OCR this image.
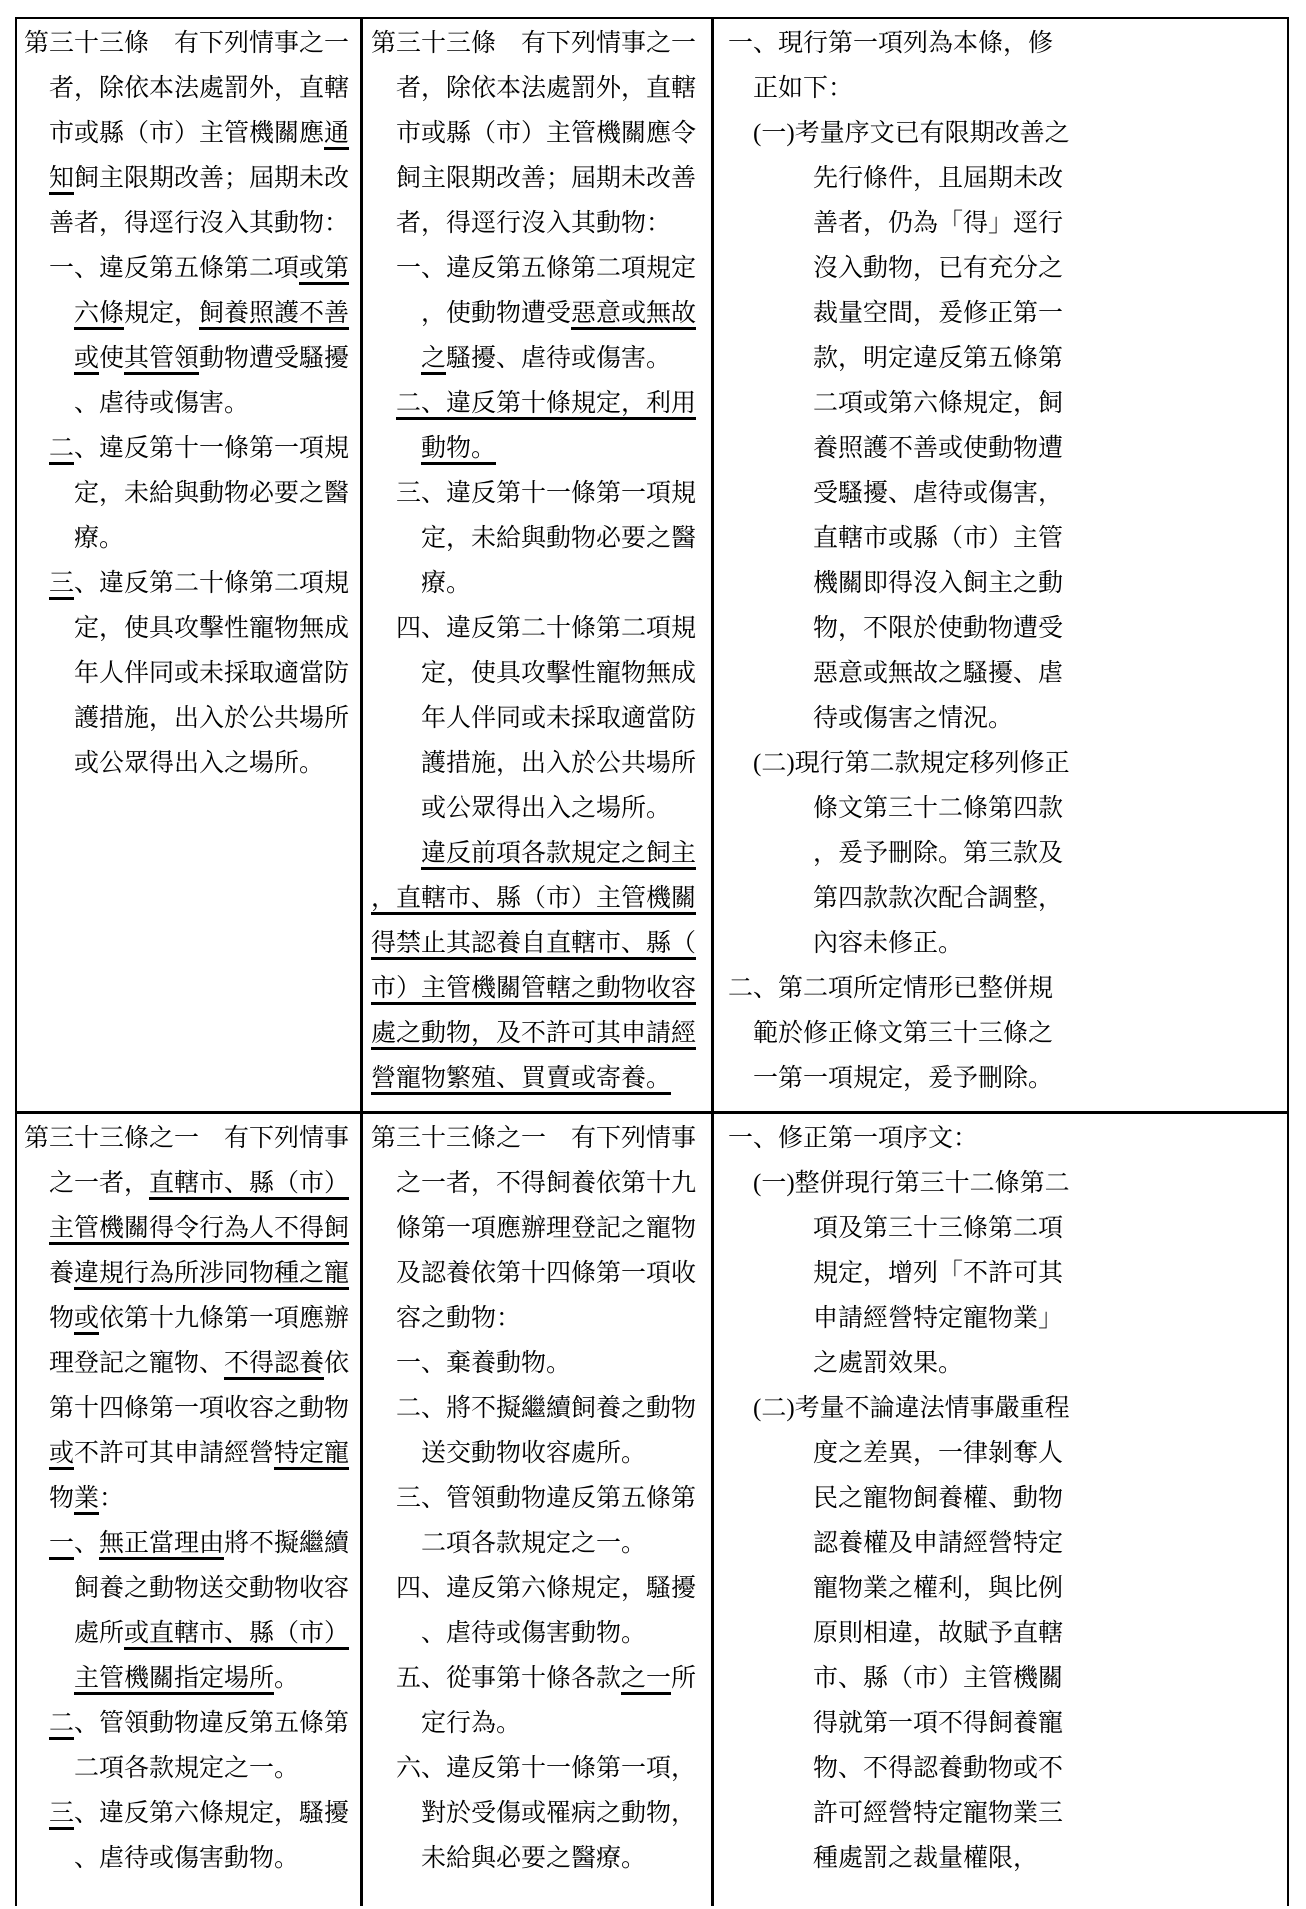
第三十三條　有下列情事之一者，除依本法處罰外，直轄市或縣（市）主管機關應通知飼主限期改善；屆期未改善者，得逕行沒入其動物：

一、違反第五條第二項或第六條規定，飼養照護不善或使其管領動物遭受騷擾、虐待或傷害。

二、違反第十一條第一項規定，未給與動物必要之醫療。

三、違反第二十條第二項規定，使具攻擊性寵物無成年人伴同或未採取適當防護措施，出入於公共場所或公眾得出入之場所。

第三十三條　有下列情事之一者，除依本法處罰外，直轄市或縣（市）主管機關應令飼主限期改善；屆期未改善者，得逕行沒入其動物：

一、違反第五條第二項規定，使動物遭受惡意或無故之騷擾、虐待或傷害。

二、違反第十條規定，利用動物。

三、違反第十一條第一項規定，未給與動物必要之醫療。

四、違反第二十條第二項規定，使具攻擊性寵物無成年人伴同或未採取適當防護措施，出入於公共場所或公眾得出入之場所。

違反前項各款規定之飼主，直轄市、縣（市）主管機關得禁止其認養自直轄市、縣（市）主管機關管轄之動物收容處之動物，及不許可其申請經營寵物繁殖、買賣或寄養。

一、現行第一項列為本條，修正如下：

(一)考量序文已有限期改善之先行條件，且屆期未改善者，仍為「得」逕行沒入動物，已有充分之裁量空間，爰修正第一款，明定違反第五條第二項或第六條規定，飼養照護不善或使動物遭受騷擾、虐待或傷害，直轄市或縣（市）主管機關即得沒入飼主之動物，不限於使動物遭受惡意或無故之騷擾、虐待或傷害之情況。

(二)現行第二款規定移列修正條文第三十二條第四款，爰予刪除。第三款及第四款款次配合調整，內容未修正。

二、第二項所定情形已整併規範於修正條文第三十三條之一第一項規定，爰予刪除。

第三十三條之一　有下列情事之一者，直轄市、縣（市）主管機關得令行為人不得飼養違規行為所涉同物種之寵物或依第十九條第一項應辦理登記之寵物、不得認養依第十四條第一項收容之動物或不許可其申請經營特定寵物業：

一、無正當理由將不擬繼續飼養之動物送交動物收容處所或直轄市、縣（市）主管機關指定場所。

二、管領動物違反第五條第二項各款規定之一。

三、違反第六條規定，騷擾、虐待或傷害動物。

第三十三條之一　有下列情事之一者，不得飼養依第十九條第一項應辦理登記之寵物及認養依第十四條第一項收容之動物：

一、棄養動物。

二、將不擬繼續飼養之動物送交動物收容處所。

三、管領動物違反第五條第二項各款規定之一。

四、違反第六條規定，騷擾、虐待或傷害動物。

五、從事第十條各款之一所定行為。

六、違反第十一條第一項，對於受傷或罹病之動物，未給與必要之醫療。

一、修正第一項序文：

(一)整併現行第三十二條第二項及第三十三條第二項規定，增列「不許可其申請經營特定寵物業」之處罰效果。

(二)考量不論違法情事嚴重程度之差異，一律剝奪人民之寵物飼養權、動物認養權及申請經營特定寵物業之權利，與比例原則相違，故賦予直轄市、縣（市）主管機關得就第一項不得飼養寵物、不得認養動物或不許可經營特定寵物業三種處罰之裁量權限，
